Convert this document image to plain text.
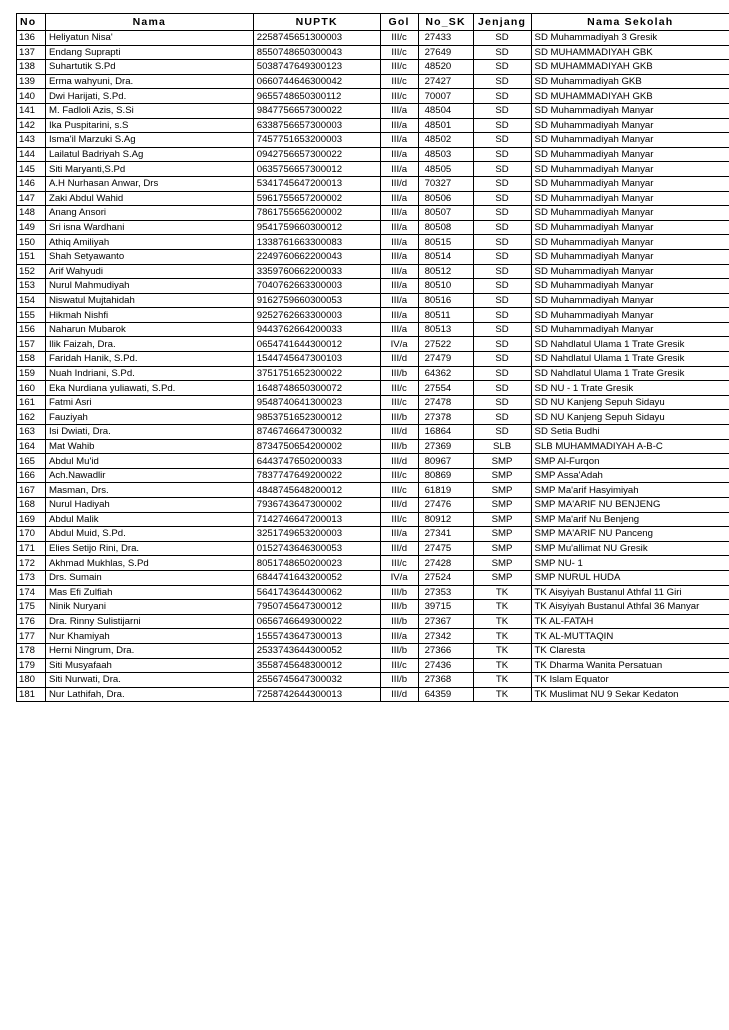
No	Nama	NUPTK	Gol	No_SK	Jenjang	Nama Sekolah
136	Heliyatun Nisa'	2258745651300003	III/c	27433	SD	SD Muhammadiyah 3 Gresik
137	Endang Suprapti	8550748650300043	III/c	27649	SD	SD MUHAMMADIYAH GBK
138	Suhartutik S.Pd	5038747649300123	III/c	48520	SD	SD MUHAMMADIYAH GKB
139	Erma wahyuni, Dra.	0660744646300042	III/c	27427	SD	SD Muhammadiyah GKB
140	Dwi Harijati, S.Pd.	9655748650300112	III/c	70007	SD	SD MUHAMMADIYAH GKB
141	M. Fadloli Azis, S.Si	9847756657300022	III/a	48504	SD	SD Muhammadiyah Manyar
142	Ika Puspitarini, s.S	6338756657300003	III/a	48501	SD	SD Muhammadiyah Manyar
143	Isma'il Marzuki S.Ag	7457751653200003	III/a	48502	SD	SD Muhammadiyah Manyar
144	Lailatul Badriyah S.Ag	0942756657300022	III/a	48503	SD	SD Muhammadiyah Manyar
145	Siti Maryanti,S.Pd	0635756657300012	III/a	48505	SD	SD Muhammadiyah Manyar
146	A.H Nurhasan Anwar, Drs	5341745647200013	III/d	70327	SD	SD Muhammadiyah Manyar
147	Zaki Abdul Wahid	5961755657200002	III/a	80506	SD	SD Muhammadiyah Manyar
148	Anang Ansori	7861755656200002	III/a	80507	SD	SD Muhammadiyah Manyar
149	Sri isna Wardhani	9541759660300012	III/a	80508	SD	SD Muhammadiyah Manyar
150	Athiq Amiliyah	1338761663300083	III/a	80515	SD	SD Muhammadiyah Manyar
151	Shah Setyawanto	2249760662200043	III/a	80514	SD	SD Muhammadiyah Manyar
152	Arif Wahyudi	3359760662200033	III/a	80512	SD	SD Muhammadiyah Manyar
153	Nurul Mahmudiyah	7040762663300003	III/a	80510	SD	SD Muhammadiyah Manyar
154	Niswatul Mujtahidah	9162759660300053	III/a	80516	SD	SD Muhammadiyah Manyar
155	Hikmah Nishfi	9252762663300003	III/a	80511	SD	SD Muhammadiyah Manyar
156	Naharun Mubarok	9443762664200033	III/a	80513	SD	SD Muhammadiyah Manyar
157	Ilik Faizah, Dra.	0654741644300012	IV/a	27522	SD	SD Nahdlatul Ulama 1 Trate Gresik
158	Faridah Hanik, S.Pd.	1544745647300103	III/d	27479	SD	SD Nahdlatul Ulama 1 Trate Gresik
159	Nuah Indriani, S.Pd.	3751751652300022	III/b	64362	SD	SD Nahdlatul Ulama 1 Trate Gresik
160	Eka Nurdiana yuliawati, S.Pd.	1648748650300072	III/c	27554	SD	SD NU - 1 Trate Gresik
161	Fatmi Asri	9548740641300023	III/c	27478	SD	SD NU Kanjeng Sepuh Sidayu
162	Fauziyah	9853751652300012	III/b	27378	SD	SD NU Kanjeng Sepuh Sidayu
163	Isi Dwiati, Dra.	8746746647300032	III/d	16864	SD	SD Setia Budhi
164	Mat Wahib	8734750654200002	III/b	27369	SLB	SLB MUHAMMADIYAH A-B-C
165	Abdul Mu'id	6443747650200033	III/d	80967	SMP	SMP Al-Furqon
166	Ach.Nawadlir	7837747649200022	III/c	80869	SMP	SMP Assa'Adah
167	Masman, Drs.	4848745648200012	III/c	61819	SMP	SMP Ma'arif Hasyimiyah
168	Nurul Hadiyah	7936743647300002	III/d	27476	SMP	SMP MA'ARIF NU BENJENG
169	Abdul Malik	7142746647200013	III/c	80912	SMP	SMP Ma'arif Nu Benjeng
170	Abdul Muid, S.Pd.	3251749653200003	III/a	27341	SMP	SMP MA'ARIF NU Panceng
171	Elies Setijo Rini, Dra.	0152743646300053	III/d	27475	SMP	SMP Mu'allimat NU Gresik
172	Akhmad Mukhlas, S.Pd	8051748650200023	III/c	27428	SMP	SMP NU- 1
173	Drs. Sumain	6844741643200052	IV/a	27524	SMP	SMP NURUL HUDA
174	Mas Efi Zulfiah	5641743644300062	III/b	27353	TK	TK Aisyiyah Bustanul Athfal 11 Giri
175	Ninik Nuryani	7950745647300012	III/b	39715	TK	TK Aisyiyah Bustanul Athfal 36 Manyar
176	Dra. Rinny Sulistijarni	0656746649300022	III/b	27367	TK	TK AL-FATAH
177	Nur Khamiyah	1555743647300013	III/a	27342	TK	TK AL-MUTTAQIN
178	Herni Ningrum, Dra.	2533743644300052	III/b	27366	TK	TK Claresta
179	Siti Musyafaah	3558745648300012	III/c	27436	TK	TK Dharma Wanita Persatuan
180	Siti Nurwati, Dra.	2556745647300032	III/b	27368	TK	TK Islam Equator
181	Nur Lathifah, Dra.	7258742644300013	III/d	64359	TK	TK Muslimat NU 9 Sekar Kedaton
